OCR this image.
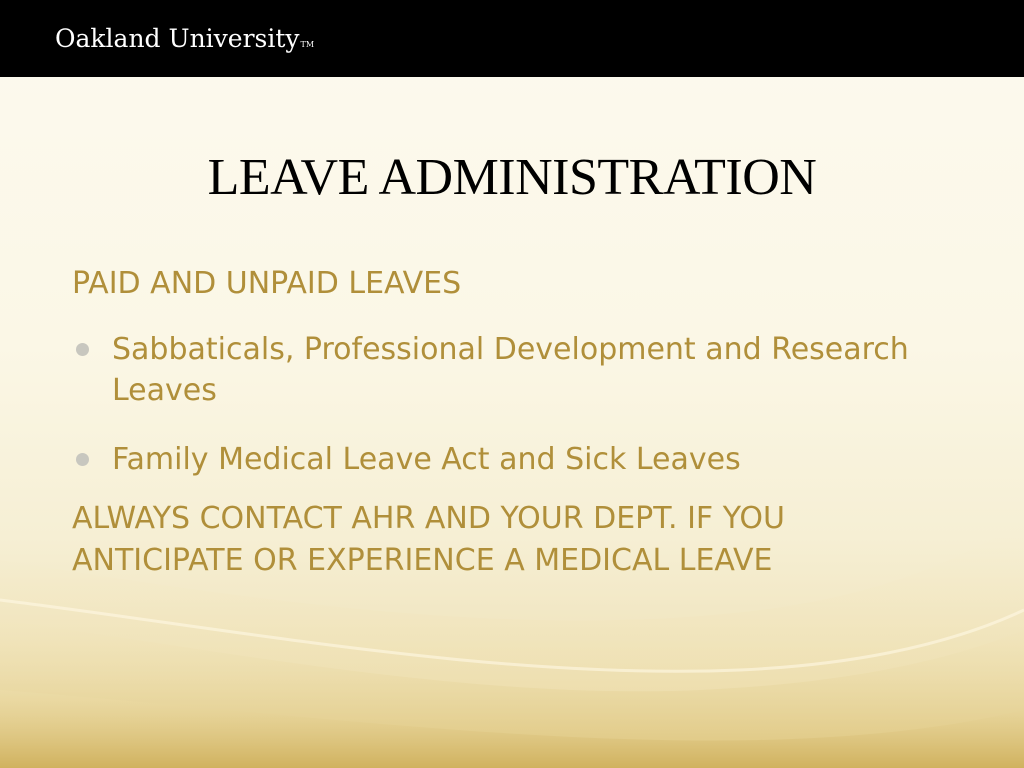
Oakland UniversityTM
LEAVE ADMINISTRATION

PAID AND UNPAID LEAVES

Sabbaticals, Professional Development and Research Leaves
Family Medical Leave Act and Sick Leaves

ALWAYS CONTACT AHR AND YOUR DEPT. IF YOU ANTICIPATE OR EXPERIENCE A MEDICAL LEAVE
